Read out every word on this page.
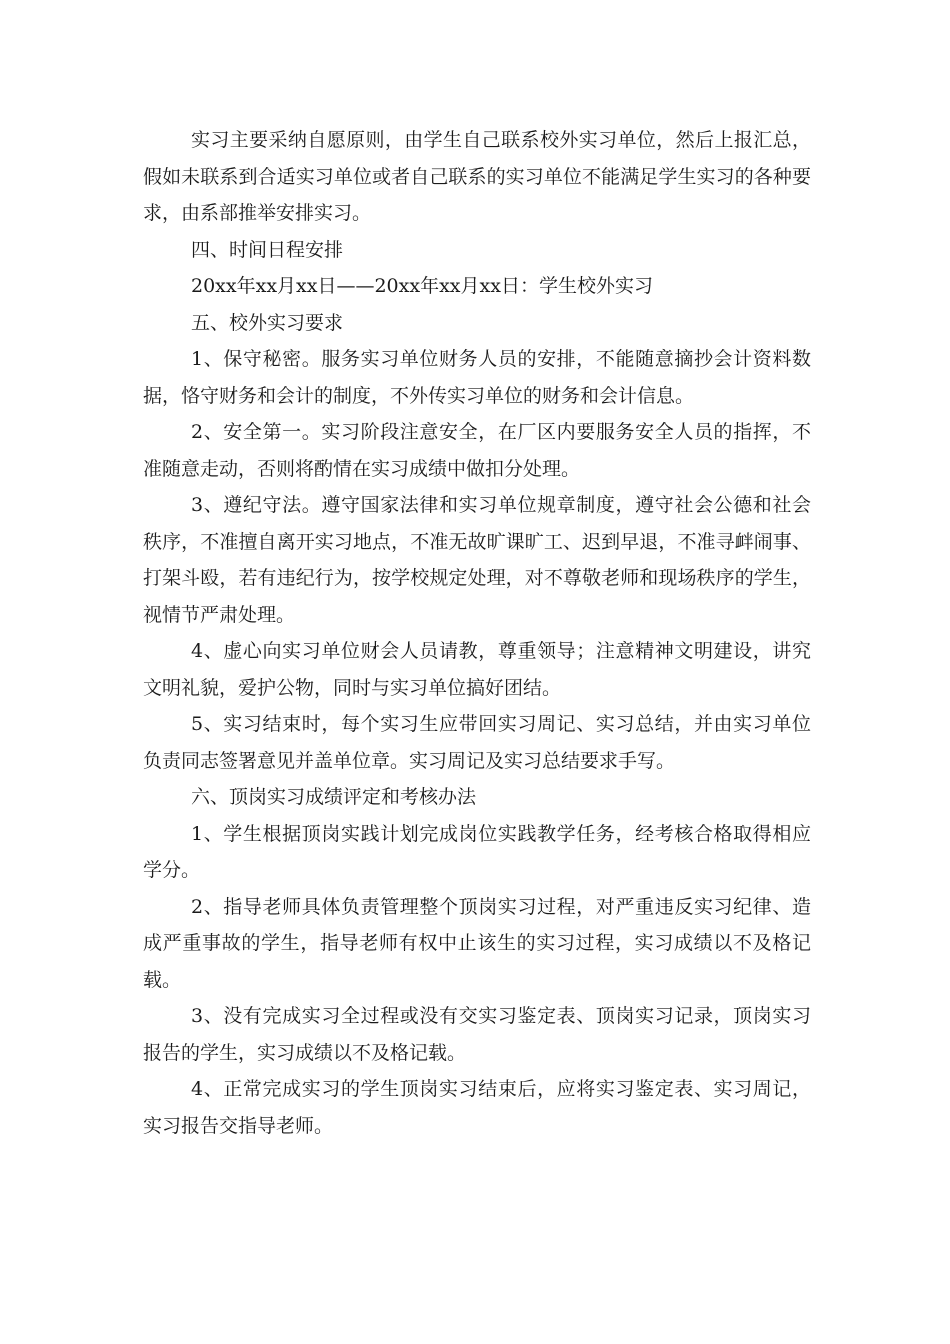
实习主要采纳自愿原则，由学生自己联系校外实习单位，然后上报汇总，假如未联系到合适实习单位或者自己联系的实习单位不能满足学生实习的各种要求，由系部推举安排实习。

四、时间日程安排

20xx年xx月xx日——20xx年xx月xx日：学生校外实习

五、校外实习要求

1、保守秘密。服务实习单位财务人员的安排，不能随意摘抄会计资料数据，恪守财务和会计的制度，不外传实习单位的财务和会计信息。

2、安全第一。实习阶段注意安全，在厂区内要服务安全人员的指挥，不准随意走动，否则将酌情在实习成绩中做扣分处理。

3、遵纪守法。遵守国家法律和实习单位规章制度，遵守社会公德和社会秩序，不准擅自离开实习地点，不准无故旷课旷工、迟到早退，不准寻衅闹事、打架斗殴，若有违纪行为，按学校规定处理，对不尊敬老师和现场秩序的学生，视情节严肃处理。

4、虚心向实习单位财会人员请教，尊重领导；注意精神文明建设，讲究文明礼貌，爱护公物，同时与实习单位搞好团结。

5、实习结束时，每个实习生应带回实习周记、实习总结，并由实习单位负责同志签署意见并盖单位章。实习周记及实习总结要求手写。

六、顶岗实习成绩评定和考核办法

1、学生根据顶岗实践计划完成岗位实践教学任务，经考核合格取得相应学分。

2、指导老师具体负责管理整个顶岗实习过程，对严重违反实习纪律、造成严重事故的学生，指导老师有权中止该生的实习过程，实习成绩以不及格记载。

3、没有完成实习全过程或没有交实习鉴定表、顶岗实习记录，顶岗实习报告的学生，实习成绩以不及格记载。

4、正常完成实习的学生顶岗实习结束后，应将实习鉴定表、实习周记，实习报告交指导老师。
